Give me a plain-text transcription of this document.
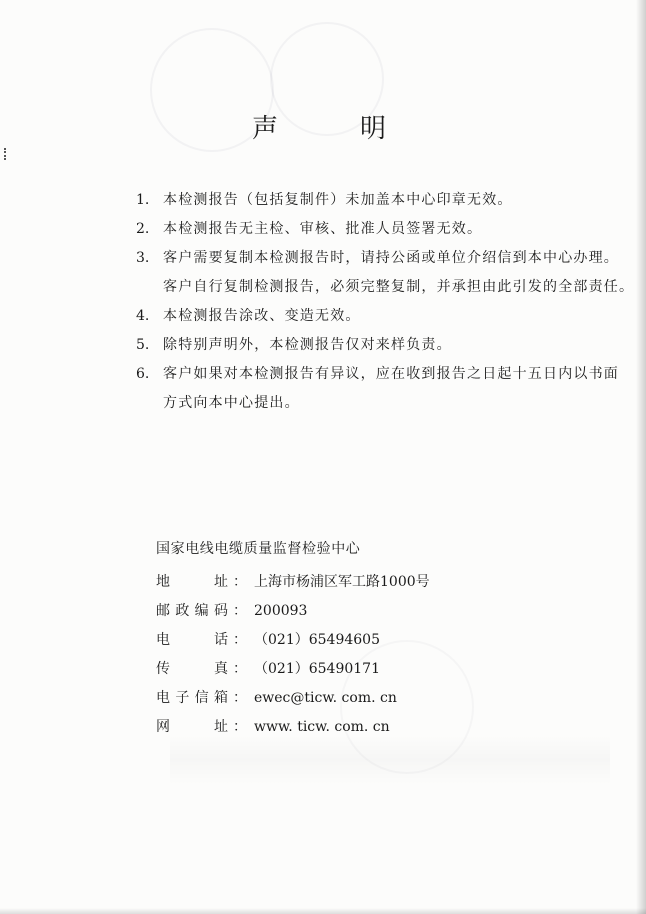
声　明
1. 本检测报告（包括复制件）未加盖本中心印章无效。
2. 本检测报告无主检、审核、批准人员签署无效。
3. 客户需要复制本检测报告时，请持公函或单位介绍信到本中心办理。
客户自行复制检测报告，必须完整复制，并承担由此引发的全部责任。
4. 本检测报告涂改、变造无效。
5. 除特别声明外，本检测报告仅对来样负责。
6. 客户如果对本检测报告有异议，应在收到报告之日起十五日内以书面
方式向本中心提出。
国家电线电缆质量监督检验中心
地	址 ： 上海市杨浦区军工路1000号
邮 政 编 码 ： 200093
电	话 ： （021）65494605
传	真 ： （021）65490171
电 子 信 箱 ： ewec@ticw. com. cn
网	址 ： www. ticw. com. cn
